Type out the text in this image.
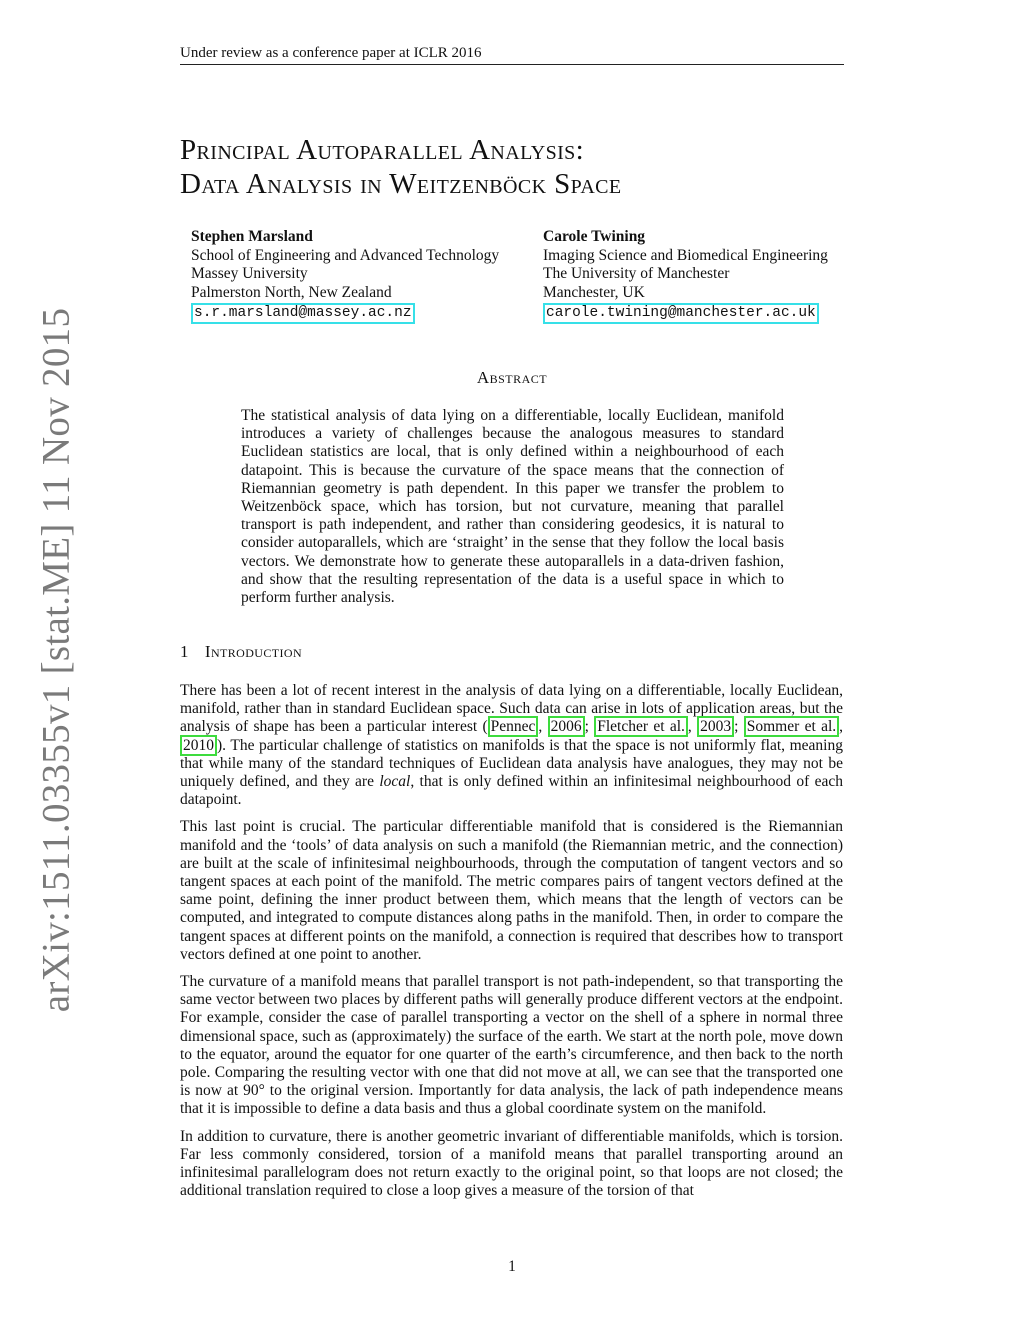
Under review as a conference paper at ICLR 2016
arXiv:1511.03355v1 [stat.ME] 11 Nov 2015
Principal Autoparallel Analysis:
Data Analysis in Weitzenböck Space
Stephen Marsland
School of Engineering and Advanced Technology
Massey University
Palmerston North, New Zealand
s.r.marsland@massey.ac.nz
Carole Twining
Imaging Science and Biomedical Engineering
The University of Manchester
Manchester, UK
carole.twining@manchester.ac.uk
Abstract
The statistical analysis of data lying on a differentiable, locally Euclidean, manifold introduces a variety of challenges because the analogous measures to standard Euclidean statistics are local, that is only defined within a neighbourhood of each datapoint. This is because the curvature of the space means that the connection of Riemannian geometry is path dependent. In this paper we transfer the problem to Weitzenböck space, which has torsion, but not curvature, meaning that parallel transport is path independent, and rather than considering geodesics, it is natural to consider autoparallels, which are ‘straight’ in the sense that they follow the local basis vectors. We demonstrate how to generate these autoparallels in a data-driven fashion, and show that the resulting representation of the data is a useful space in which to perform further analysis.
1 Introduction

There has been a lot of recent interest in the analysis of data lying on a differentiable, locally Euclidean, manifold, rather than in standard Euclidean space. Such data can arise in lots of application areas, but the analysis of shape has been a particular interest ( Pennec , 2006 ; Fletcher et al. , 2003 ; Sommer et al. , 2010 ). The particular challenge of statistics on manifolds is that the space is not uniformly flat, meaning that while many of the standard techniques of Euclidean data analysis have analogues, they may not be uniquely defined, and they are local, that is only defined within an infinitesimal neighbourhood of each datapoint.

This last point is crucial. The particular differentiable manifold that is considered is the Riemannian manifold and the ‘tools’ of data analysis on such a manifold (the Riemannian metric, and the connection) are built at the scale of infinitesimal neighbourhoods, through the computation of tangent vectors and so tangent spaces at each point of the manifold. The metric compares pairs of tangent vectors defined at the same point, defining the inner product between them, which means that the length of vectors can be computed, and integrated to compute distances along paths in the manifold. Then, in order to compare the tangent spaces at different points on the manifold, a connection is required that describes how to transport vectors defined at one point to another.

The curvature of a manifold means that parallel transport is not path-independent, so that transporting the same vector between two places by different paths will generally produce different vectors at the endpoint. For example, consider the case of parallel transporting a vector on the shell of a sphere in normal three dimensional space, such as (approximately) the surface of the earth. We start at the north pole, move down to the equator, around the equator for one quarter of the earth’s circumference, and then back to the north pole. Comparing the resulting vector with one that did not move at all, we can see that the transported one is now at 90° to the original version. Importantly for data analysis, the lack of path independence means that it is impossible to define a data basis and thus a global coordinate system on the manifold.

In addition to curvature, there is another geometric invariant of differentiable manifolds, which is torsion. Far less commonly considered, torsion of a manifold means that parallel transporting around an infinitesimal parallelogram does not return exactly to the original point, so that loops are not closed; the additional translation required to close a loop gives a measure of the torsion of that

1
